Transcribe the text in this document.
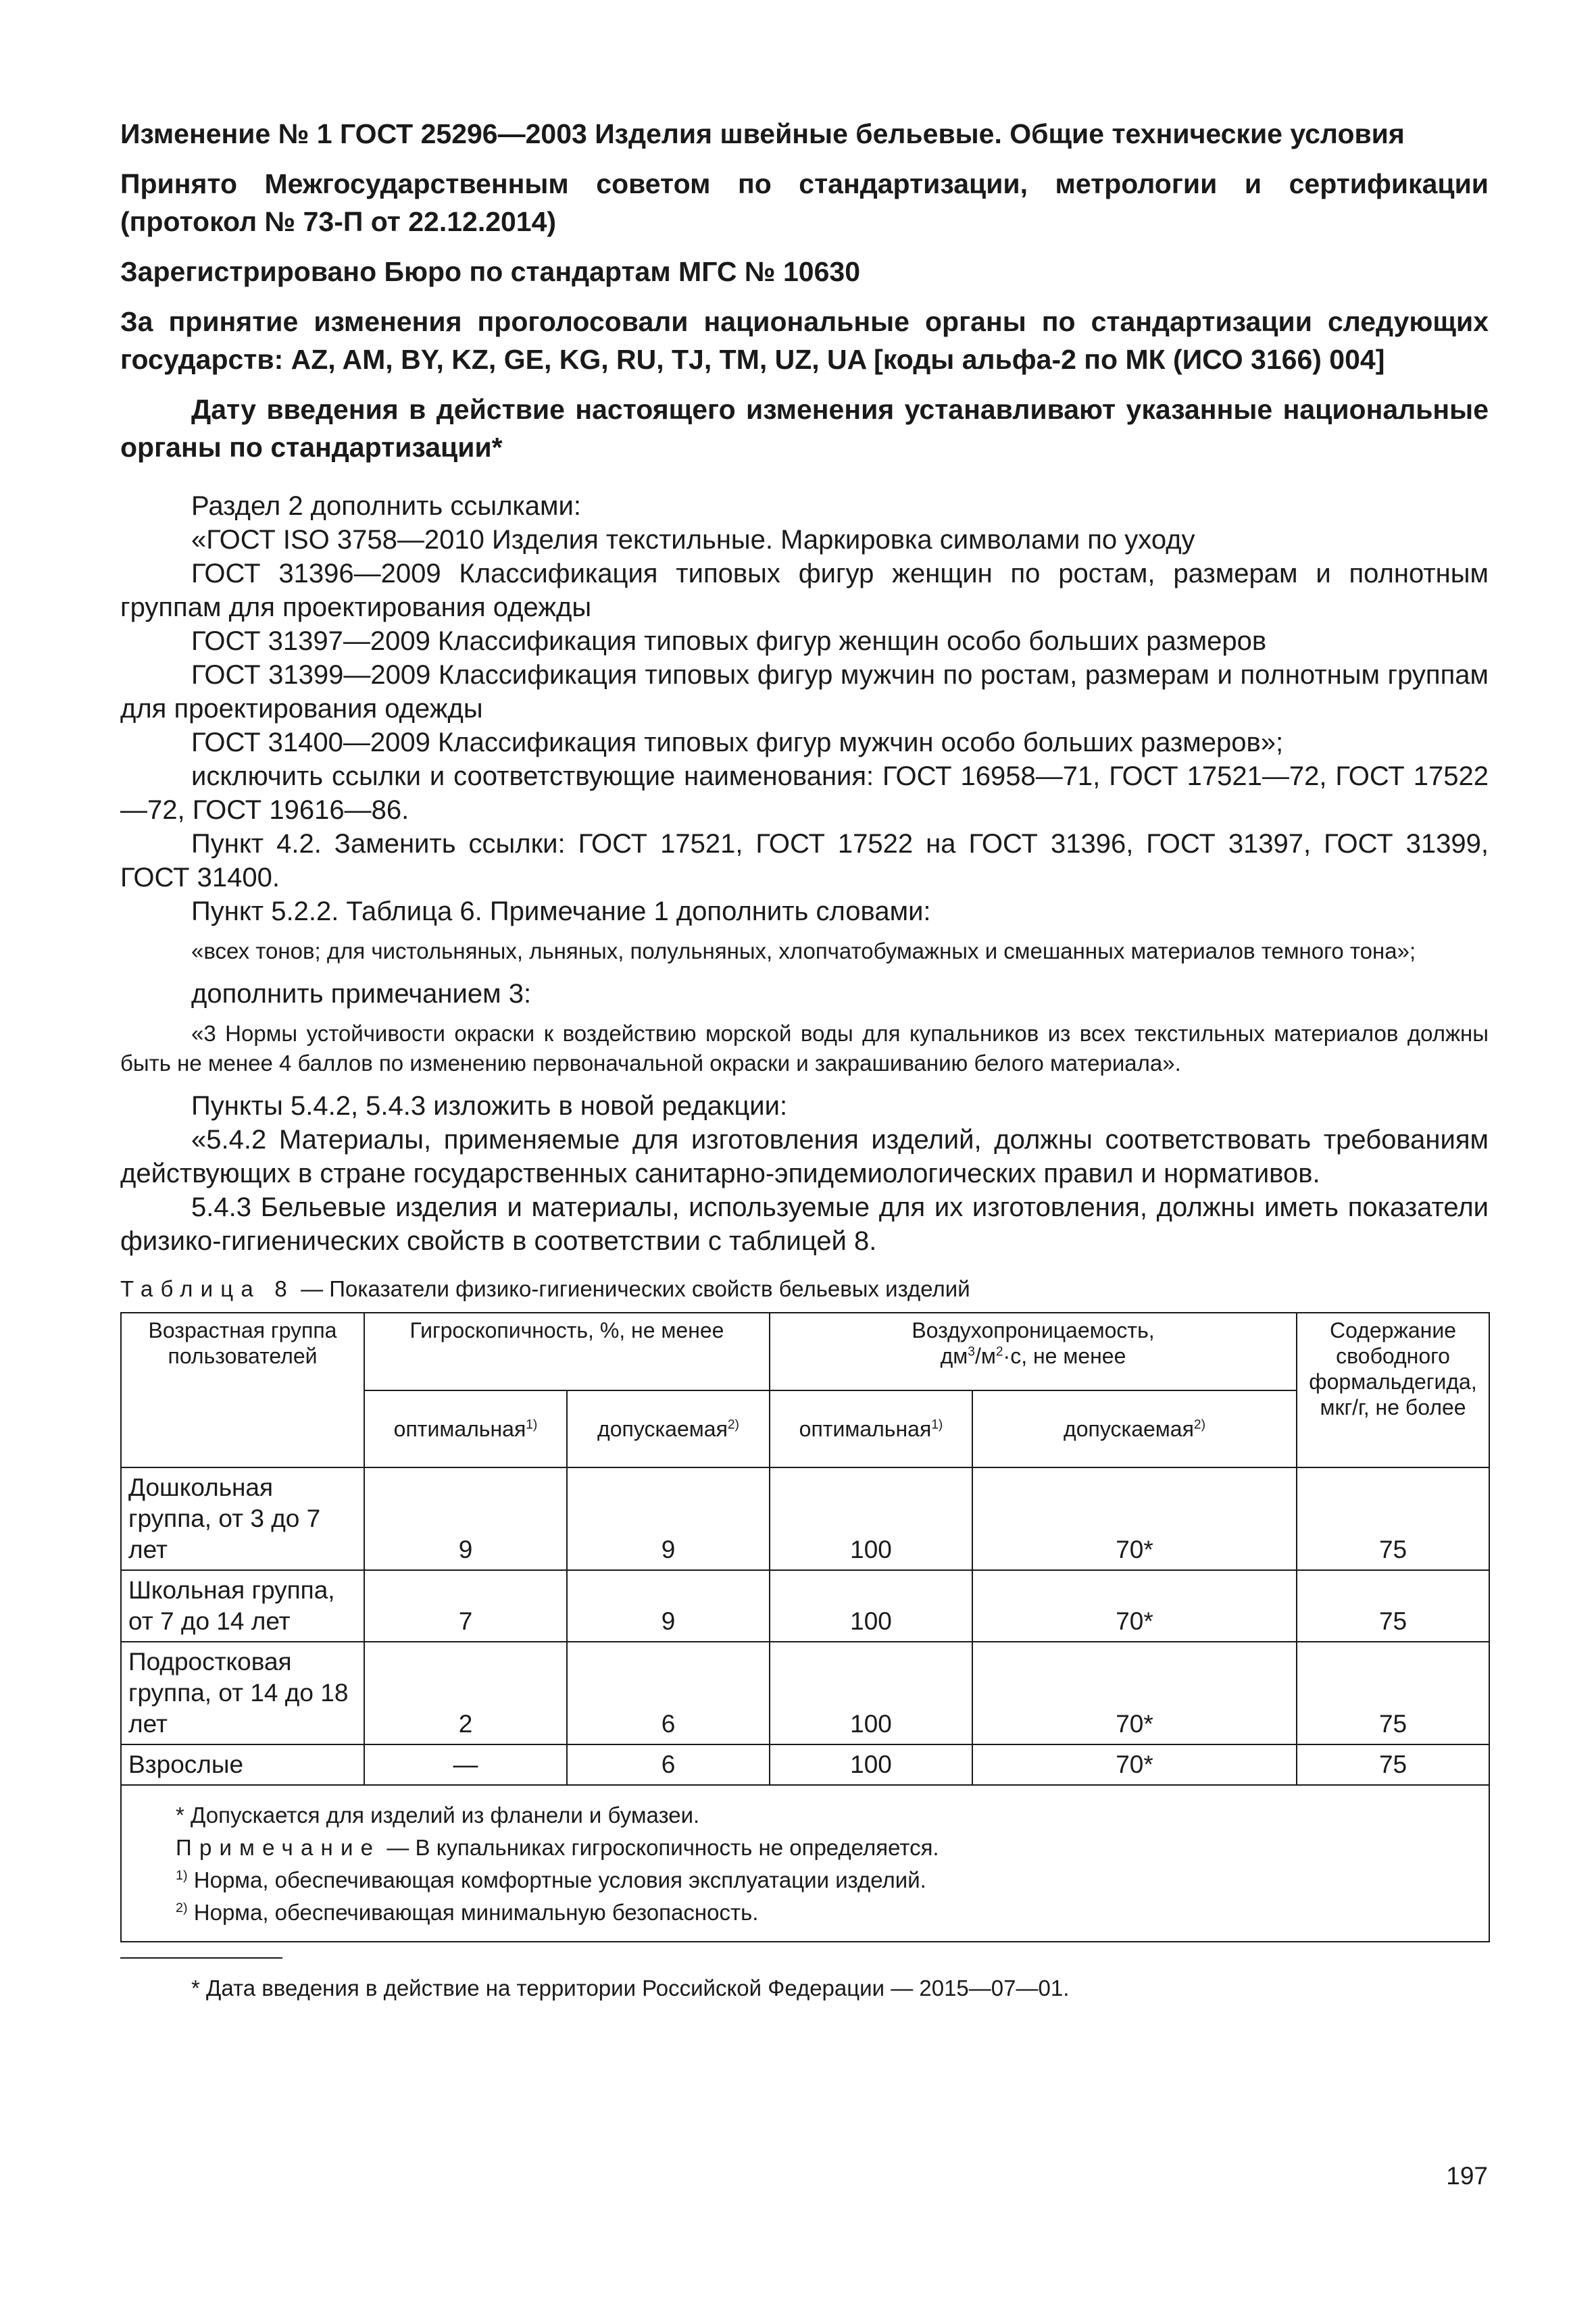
Изменение № 1 ГОСТ 25296—2003 Изделия швейные бельевые. Общие технические условия

Принято Межгосударственным советом по стандартизации, метрологии и сертификации (протокол № 73-П от 22.12.2014)

Зарегистрировано Бюро по стандартам МГС № 10630

За принятие изменения проголосовали национальные органы по стандартизации следующих государств: AZ, AM, BY, KZ, GE, KG, RU, TJ, TM, UZ, UA [коды альфа-2 по МК (ИСО 3166) 004]

Дату введения в действие настоящего изменения устанавливают указанные национальные органы по стандартизации*

Раздел 2 дополнить ссылками:

«ГОСТ ISO 3758—2010 Изделия текстильные. Маркировка символами по уходу

ГОСТ 31396—2009 Классификация типовых фигур женщин по ростам, размерам и полнотным группам для проектирования одежды

ГОСТ 31397—2009 Классификация типовых фигур женщин особо больших размеров

ГОСТ 31399—2009 Классификация типовых фигур мужчин по ростам, размерам и полнотным группам для проектирования одежды

ГОСТ 31400—2009 Классификация типовых фигур мужчин особо больших размеров»;

исключить ссылки и соответствующие наименования: ГОСТ 16958—71, ГОСТ 17521—72, ГОСТ 17522—72, ГОСТ 19616—86.

Пункт 4.2. Заменить ссылки: ГОСТ 17521, ГОСТ 17522 на ГОСТ 31396, ГОСТ 31397, ГОСТ 31399, ГОСТ 31400.

Пункт 5.2.2. Таблица 6. Примечание 1 дополнить словами:

«всех тонов; для чистольняных, льняных, полульняных, хлопчатобумажных и смешанных материалов темного тона»;

дополнить примечанием 3:

«3 Нормы устойчивости окраски к воздействию морской воды для купальников из всех текстильных материалов должны быть не менее 4 баллов по изменению первоначальной окраски и закрашиванию белого материала».

Пункты 5.4.2, 5.4.3 изложить в новой редакции:

«5.4.2 Материалы, применяемые для изготовления изделий, должны соответствовать требованиям действующих в стране государственных санитарно-эпидемиологических правил и нормативов.

5.4.3 Бельевые изделия и материалы, используемые для их изготовления, должны иметь показатели физико-гигиенических свойств в соответствии с таблицей 8.

Таблица 8 — Показатели физико-гигиенических свойств бельевых изделий

Возрастная группа пользователей	Гигроскопичность, %, не менее		Воздухопроницаемость,
$дм^3/м^2\cdot с$, не менее		Содержание свободного формальдегида, мкг/г, не более
	оптимальная$^{1)}$	допускаемая$^{2)}$	оптимальная$^{1)}$	допускаемая$^{2)}$
Дошкольная группа, от 3 до 7 лет	9	9	100	70*	75
Школьная группа, от 7 до 14 лет	7	9	100	70*	75
Подростковая группа, от 14 до 18 лет	2	6	100	70*	75
Взрослые	—	6	100	70*	75

* Допускается для изделий из фланели и бумазеи.
Примечание — В купальниках гигроскопичность не определяется.
$^{1)}$ Норма, обеспечивающая комфортные условия эксплуатации изделий.
$^{2)}$ Норма, обеспечивающая минимальную безопасность.					

* Дата введения в действие на территории Российской Федерации — 2015—07—01.

197
